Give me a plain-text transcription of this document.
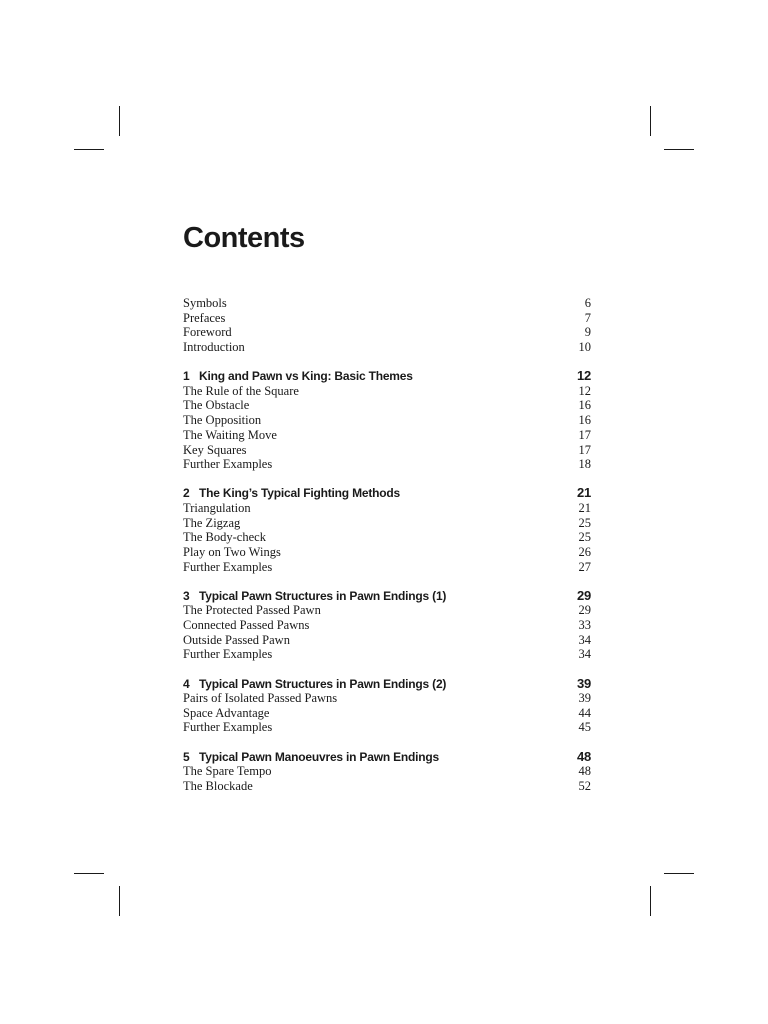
Contents
Symbols	6
Prefaces	7
Foreword	9
Introduction	10
1 King and Pawn vs King: Basic Themes	12
The Rule of the Square	12
The Obstacle	16
The Opposition	16
The Waiting Move	17
Key Squares	17
Further Examples	18
2 The King’s Typical Fighting Methods	21
Triangulation	21
The Zigzag	25
The Body-check	25
Play on Two Wings	26
Further Examples	27
3 Typical Pawn Structures in Pawn Endings (1)	29
The Protected Passed Pawn	29
Connected Passed Pawns	33
Outside Passed Pawn	34
Further Examples	34
4 Typical Pawn Structures in Pawn Endings (2)	39
Pairs of Isolated Passed Pawns	39
Space Advantage	44
Further Examples	45
5 Typical Pawn Manoeuvres in Pawn Endings	48
The Spare Tempo	48
The Blockade	52
